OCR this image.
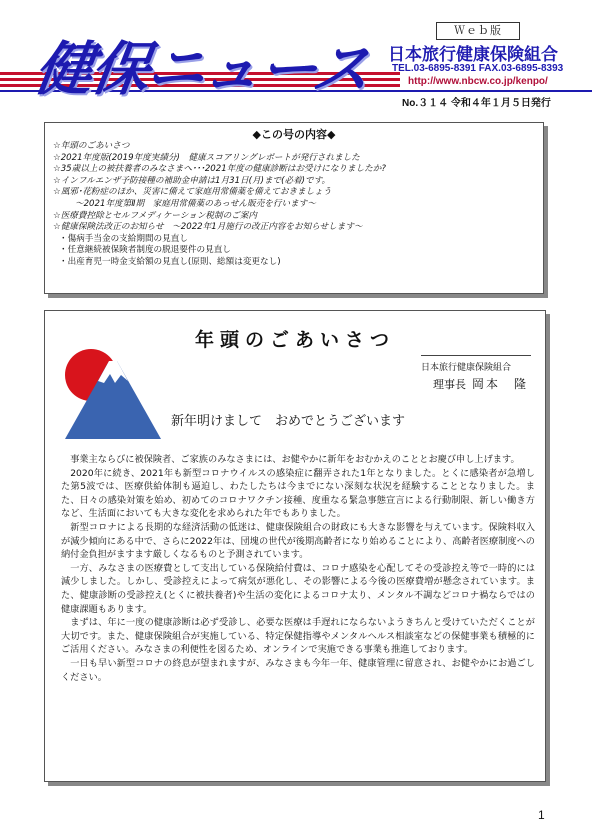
Ｗｅｂ版
健保ニュース 日本旅行健康保険組合
TEL.03-6895-8391 FAX.03-6895-8393
http://www.nbcw.co.jp/kenpo/
No.３１４ 令和４年１月５日発行
◆この号の内容◆
☆年頭のごあいさつ
☆2021年度版(2019年度実績分)　健康スコアリングレポートが発行されました
☆35歳以上の被扶養者のみなさまへ･･･2021年度の健康診断はお受けになりましたか?
☆インフルエンザ予防接種の補助金申請は1月31日(月)まで(必着)です。
☆風邪･花粉症のほか、災害に備えて家庭用常備薬を備えておきましょう
～2021年度第Ⅱ期　家庭用常備薬のあっせん販売を行います～
☆医療費控除とセルフメディケーション税制のご案内
☆健康保険法改正のお知らせ　～2022年1月施行の改正内容をお知らせします～
・傷病手当金の支給期間の見直し
・任意継続被保険者制度の脱退要件の見直し
・出産育児一時金支給額の見直し(原則、総額は変更なし)
年頭のごあいさつ
日本旅行健康保険組合
理事長 岡本　隆
新年明けまして　おめでとうございます

事業主ならびに被保険者、ご家族のみなさまには、お健やかに新年をおむかえのこととお慶び申し上げます。

2020年に続き、2021年も新型コロナウイルスの感染症に翻弄された1年となりました。とくに感染者が急増した第5波では、医療供給体制も逼迫し、わたしたちは今までにない深刻な状況を経験することとなりました。また、日々の感染対策を始め、初めてのコロナワクチン接種、度重なる緊急事態宣言による行動制限、新しい働き方など、生活面においても大きな変化を求められた年でもありました。

新型コロナによる長期的な経済活動の低迷は、健康保険組合の財政にも大きな影響を与えています。保険料収入が減少傾向にある中で、さらに2022年は、団塊の世代が後期高齢者になり始めることにより、高齢者医療制度への納付金負担がますます厳しくなるものと予測されています。

一方、みなさまの医療費として支出している保険給付費は、コロナ感染を心配してその受診控え等で一時的には減少しました。しかし、受診控えによって病気が悪化し、その影響による今後の医療費増が懸念されています。また、健康診断の受診控え(とくに被扶養者)や生活の変化によるコロナ太り、メンタル不調などコロナ禍ならではの健康課題もあります。

まずは、年に一度の健康診断は必ず受診し、必要な医療は手遅れにならないようきちんと受けていただくことが大切です。また、健康保険組合が実施している、特定保健指導やメンタルヘルス相談室などの保健事業も積極的にご活用ください。みなさまの利便性を図るため、オンラインで実施できる事業も推進しております。

一日も早い新型コロナの終息が望まれますが、みなさまも今年一年、健康管理に留意され、お健やかにお過ごしください。

1
